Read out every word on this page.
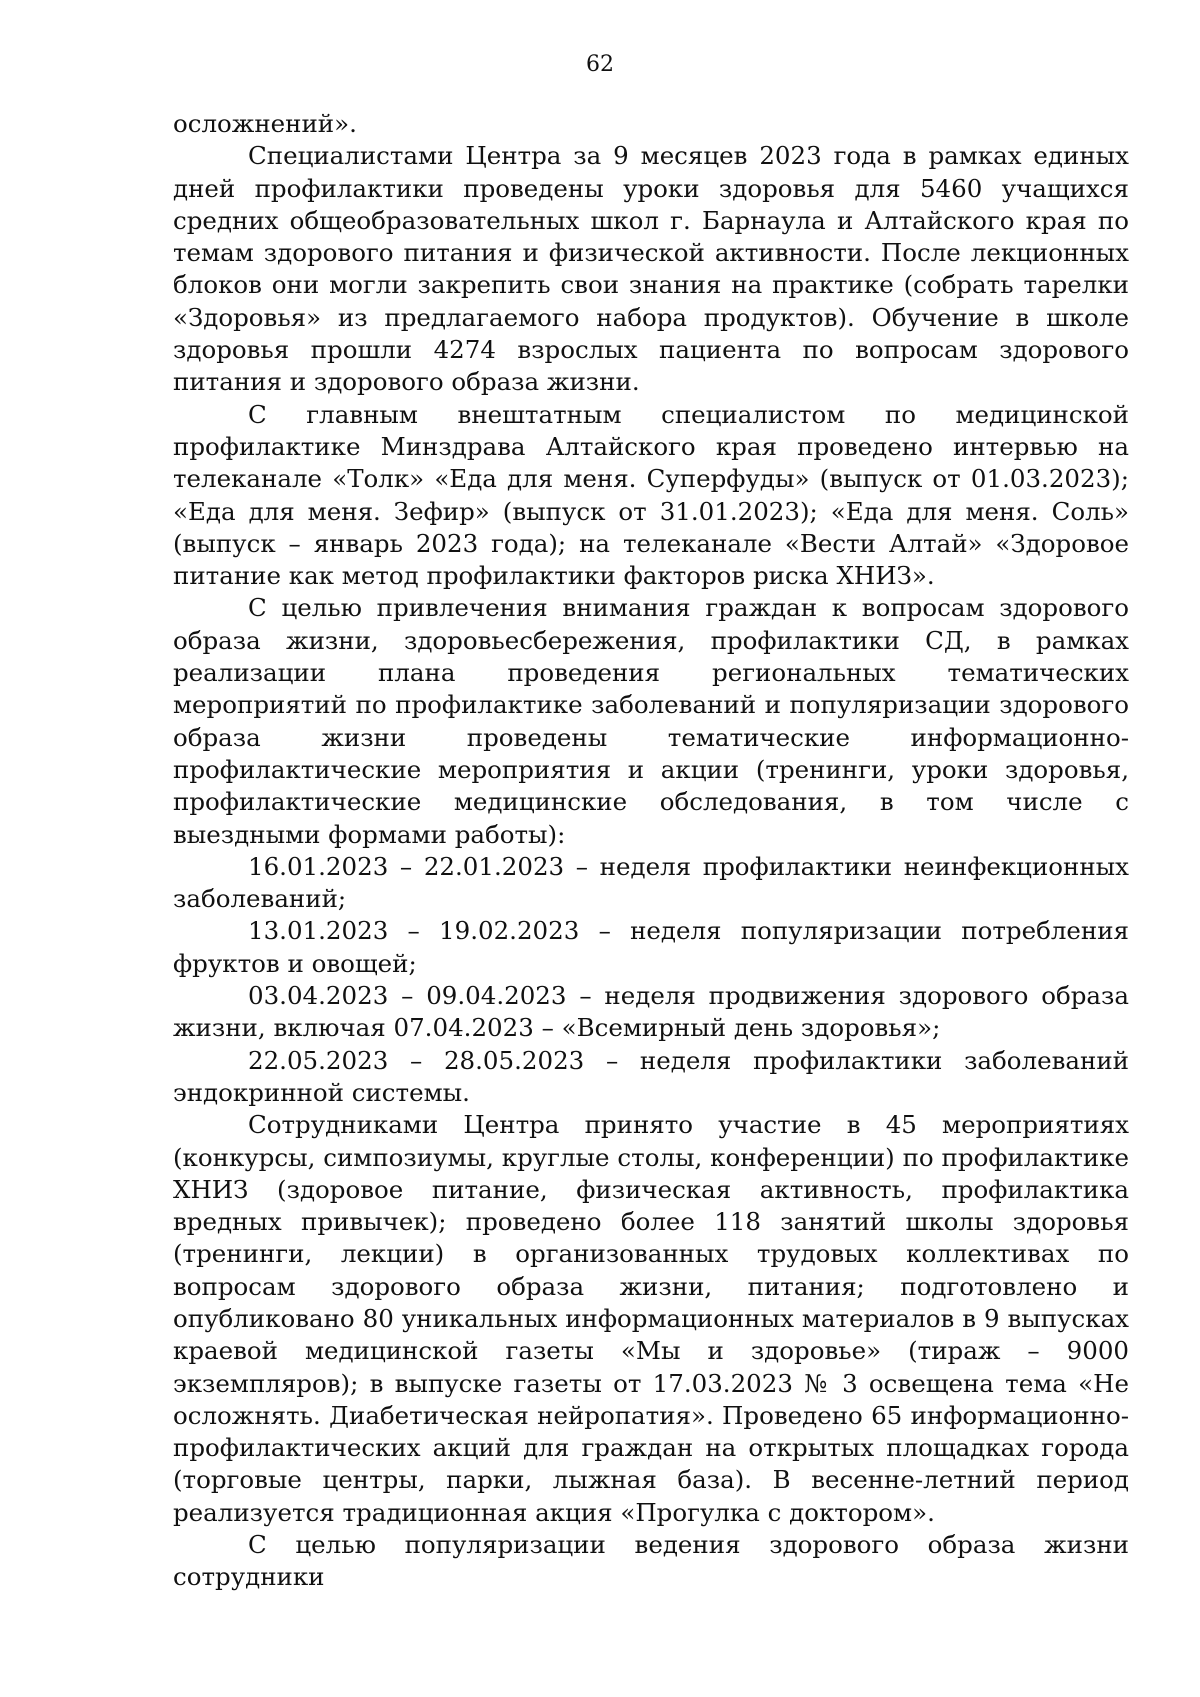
62

осложнений».

Специалистами Центра за 9 месяцев 2023 года в рамках единых дней профилактики проведены уроки здоровья для 5460 учащихся средних общеобразовательных школ г. Барнаула и Алтайского края по темам здорового питания и физической активности. После лекционных блоков они могли закрепить свои знания на практике (собрать тарелки «Здоровья» из предлагаемого набора продуктов). Обучение в школе здоровья прошли 4274 взрослых пациента по вопросам здорового питания и здорового образа жизни.

С главным внештатным специалистом по медицинской профилактике Минздрава Алтайского края проведено интервью на телеканале «Толк» «Еда для меня. Суперфуды» (выпуск от 01.03.2023); «Еда для меня. Зефир» (выпуск от 31.01.2023); «Еда для меня. Соль» (выпуск – январь 2023 года); на телеканале «Вести Алтай» «Здоровое питание как метод профилактики факторов риска ХНИЗ».

С целью привлечения внимания граждан к вопросам здорового образа жизни, здоровьесбережения, профилактики СД, в рамках реализации плана проведения региональных тематических мероприятий по профилактике заболеваний и популяризации здорового образа жизни проведены тематические информационно-профилактические мероприятия и акции (тренинги, уроки здоровья, профилактические медицинские обследования, в том числе с выездными формами работы):

16.01.2023 – 22.01.2023 – неделя профилактики неинфекционных заболеваний;

13.01.2023 – 19.02.2023 – неделя популяризации потребления фруктов и овощей;

03.04.2023 – 09.04.2023 – неделя продвижения здорового образа жизни, включая 07.04.2023 – «Всемирный день здоровья»;

22.05.2023 – 28.05.2023 – неделя профилактики заболеваний эндокринной системы.

Сотрудниками Центра принято участие в 45 мероприятиях (конкурсы, симпозиумы, круглые столы, конференции) по профилактике ХНИЗ (здоровое питание, физическая активность, профилактика вредных привычек); проведено более 118 занятий школы здоровья (тренинги, лекции) в организованных трудовых коллективах по вопросам здорового образа жизни, питания; подготовлено и опубликовано 80 уникальных информационных материалов в 9 выпусках краевой медицинской газеты «Мы и здоровье» (тираж – 9000 экземпляров); в выпуске газеты от 17.03.2023 № 3 освещена тема «Не осложнять. Диабетическая нейропатия». Проведено 65 информационно-профилактических акций для граждан на открытых площадках города (торговые центры, парки, лыжная база). В весенне-летний период реализуется традиционная акция «Прогулка с доктором».

С целью популяризации ведения здорового образа жизни сотрудники
